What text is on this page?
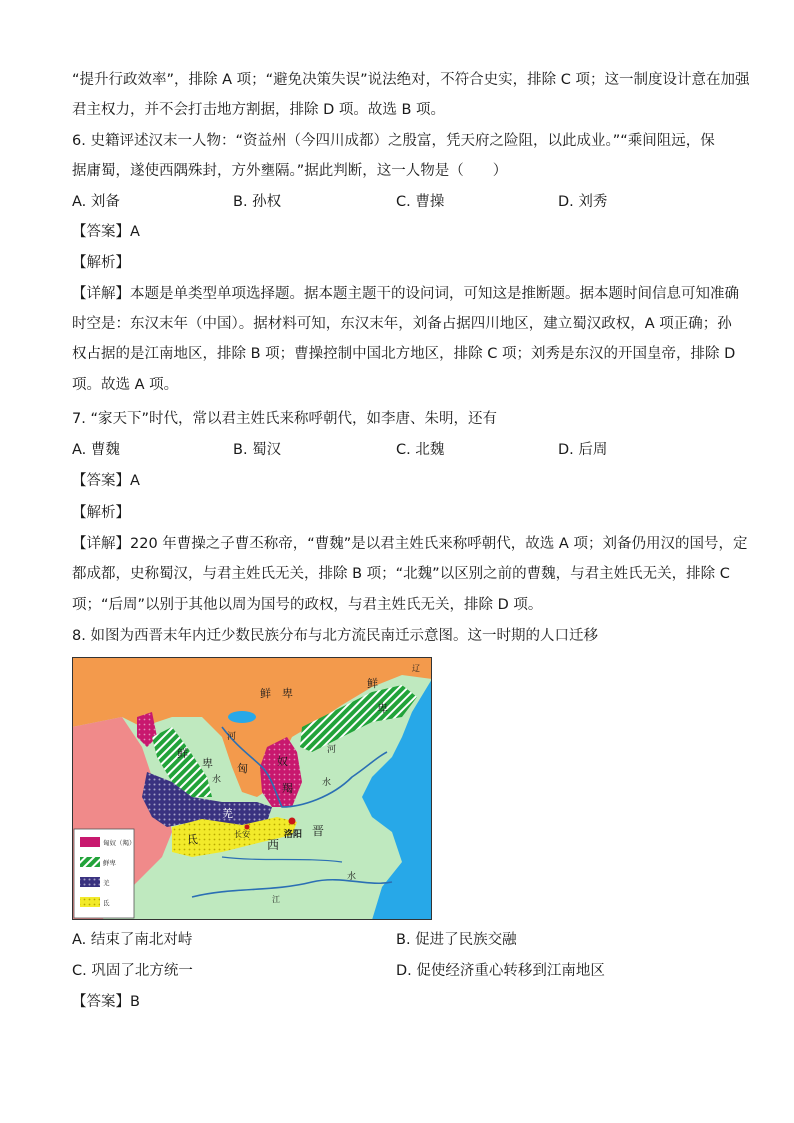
“提升行政效率”，排除 A 项；“避免决策失误”说法绝对，不符合史实，排除 C 项；这一制度设计意在加强
君主权力，并不会打击地方割据，排除 D 项。故选 B 项。
6. 史籍评述汉末一人物：“资益州（今四川成都）之殷富，凭天府之险阻，以此成业。”“乘间阻远，保
据庸蜀，遂使西隅殊封，方外壅隔。”据此判断，这一人物是（　　）
A. 刘备	B. 孙权	C. 曹操	D. 刘秀
【答案】A
【解析】
【详解】本题是单类型单项选择题。据本题主题干的设问词，可知这是推断题。据本题时间信息可知准确
时空是：东汉末年（中国）。据材料可知，东汉末年，刘备占据四川地区，建立蜀汉政权，A 项正确；孙
权占据的是江南地区，排除 B 项；曹操控制中国北方地区，排除 C 项；刘秀是东汉的开国皇帝，排除 D
项。故选 A 项。
7. “家天下”时代，常以君主姓氏来称呼朝代，如李唐、朱明，还有
A. 曹魏	B. 蜀汉	C. 北魏	D. 后周
【答案】A
【解析】
【详解】220 年曹操之子曹丕称帝，“曹魏”是以君主姓氏来称呼朝代，故选 A 项；刘备仍用汉的国号，定
都成都，史称蜀汉，与君主姓氏无关，排除 B 项；“北魏”以区别之前的曹魏，与君主姓氏无关，排除 C
项；“后周”以别于其他以周为国号的政权，与君主姓氏无关，排除 D 项。
8. 如图为西晋末年内迁少数民族分布与北方流民南迁示意图。这一时期的人口迁移
鲜 卑
鲜
卑
鲜
卑
河
水
匈
奴
羯
羌
氐	长安	洛阳
西
晋
河
水
水
辽
江
匈奴（羯）
鲜卑
羌
氐
A. 结束了南北对峙	B. 促进了民族交融
C. 巩固了北方统一	D. 促使经济重心转移到江南地区
【答案】B
